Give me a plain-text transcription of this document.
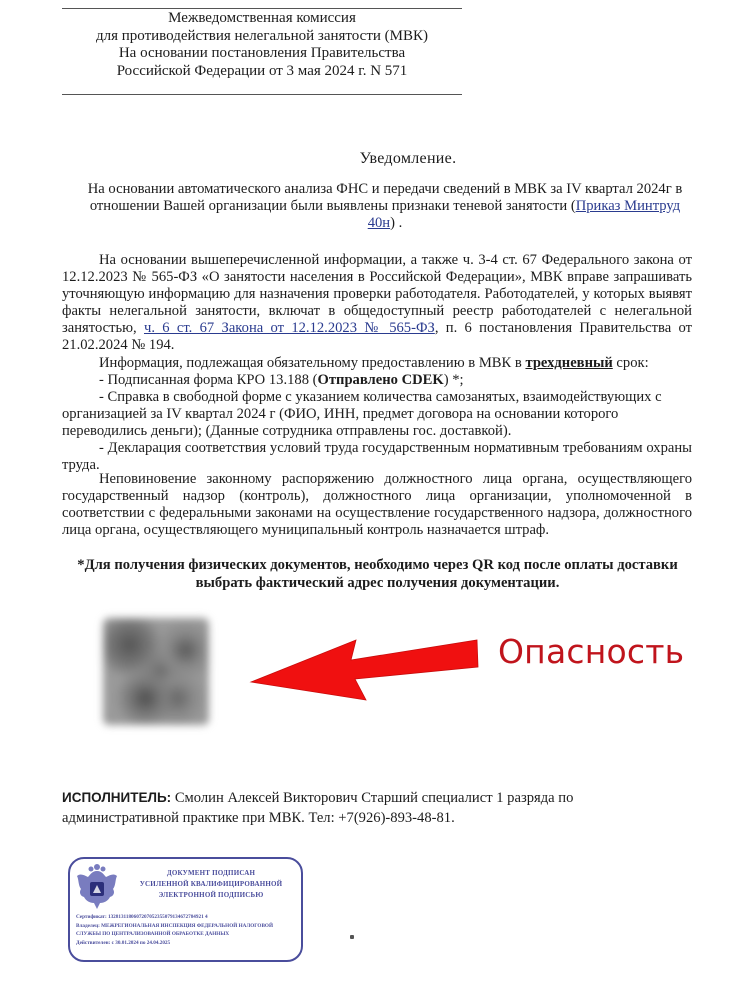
Межведомственная комиссия
для противодействия нелегальной занятости (МВК)
На основании постановления Правительства
Российской Федерации от 3 мая 2024 г. N 571
Уведомление.

На основании автоматического анализа ФНС и передачи сведений в МВК за IV квартал 2024г в отношении Вашей организации были выявлены признаки теневой занятости (Приказ Минтруд 40н) .

На основании вышеперечисленной информации, а также ч. 3-4 ст. 67 Федерального закона от 12.12.2023 № 565-ФЗ «О занятости населения в Российской Федерации», МВК вправе запрашивать уточняющую информацию для назначения проверки работодателя. Работодателей, у которых выявят факты нелегальной занятости, включат в общедоступный реестр работодателей с нелегальной занятостью, ч. 6 ст. 67 Закона от 12.12.2023 № 565-ФЗ, п. 6 постановления Правительства от 21.02.2024 № 194.

Информация, подлежащая обязательному предоставлению в МВК в трехдневный срок:

- Подписанная форма КРО 13.188 (Отправлено CDEK) *;

- Справка в свободной форме с указанием количества самозанятых, взаимодействующих с организацией за IV квартал 2024 г (ФИО, ИНН, предмет договора на основании которого переводились деньги); (Данные сотрудника отправлены гос. доставкой).

- Декларация соответствия условий труда государственным нормативным требованиям охраны труда.

Неповиновение законному распоряжению должностного лица органа, осуществляющего государственный надзор (контроль), должностного лица организации, уполномоченной в соответствии с федеральными законами на осуществление государственного надзора, должностного лица органа, осуществляющего муниципальный контроль назначается штраф.

*Для получения физических документов, необходимо через QR код после оплаты доставки выбрать фактический адрес получения документации.
Опасность
ИСПОЛНИТЕЛЬ: Смолин Алексей Викторович Старший специалист 1 разряда по административной практике при МВК. Тел: +7(926)-893-48-81.
ДОКУМЕНТ ПОДПИСАН
УСИЛЕННОЙ КВАЛИФИЦИРОВАННОЙ
ЭЛЕКТРОННОЙ ПОДПИСЬЮ
Сертификат: 1328131180607207052355079134672784921 4
Владелец: МЕЖРЕГИОНАЛЬНАЯ ИНСПЕКЦИЯ ФЕДЕРАЛЬНОЙ НАЛОГОВОЙ СЛУЖБЫ ПО ЦЕНТРАЛИЗОВАННОЙ ОБРАБОТКЕ ДАННЫХ
Действителен: с 30.01.2024 по 24.04.2025
